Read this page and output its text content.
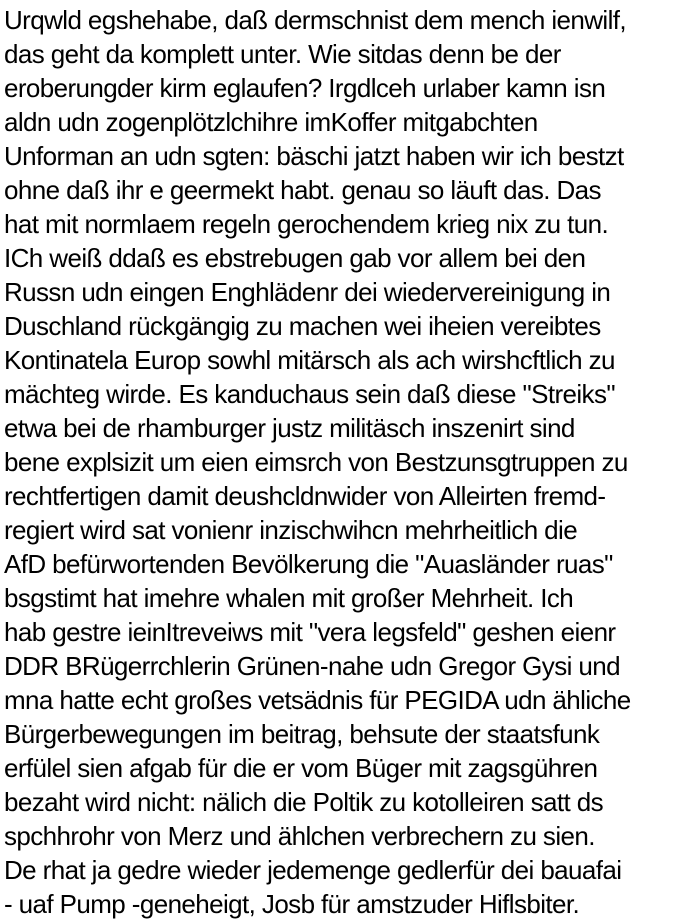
Urqwld egshehabe, daß dermschnist dem mench ienwilf,
das geht da komplett unter. Wie sitdas denn be der
eroberungder kirm eglaufen? Irgdlceh urlaber kamn isn
aldn udn zogenplötzlchihre imKoffer mitgabchten
Unforman an udn sgten: bäschi jatzt haben wir ich bestzt
ohne daß ihr e geermekt habt. genau so läuft das. Das
hat mit normlaem regeln gerochendem krieg nix zu tun.
ICh weiß ddaß es ebstrebugen gab vor allem bei den
Russn udn eingen Enghlädenr dei wiedervereinigung in
Duschland rückgängig zu machen wei iheien vereibtes
Kontinatela Europ sowhl mitärsch als ach wirshcftlich zu
mächteg wirde. Es kanduchaus sein daß diese "Streiks"
etwa bei de rhamburger justz militäsch inszenirt sind
bene explsizit um eien eimsrch von Bestzunsgtruppen zu
rechtfertigen damit deushcldnwider von Alleirten fremd-
regiert wird sat vonienr inzischwihcn mehrheitlich die
AfD befürwortenden Bevölkerung die "Auasländer ruas"
bsgstimt hat imehre whalen mit großer Mehrheit. Ich
hab gestre ieinItreveiws mit "vera legsfeld" geshen eienr
DDR BRügerrchlerin Grünen-nahe udn Gregor Gysi und
mna hatte echt großes vetsädnis für PEGIDA udn ähliche
Bürgerbewegungen im beitrag, behsute der staatsfunk
erfülel sien afgab für die er vom Büger mit zagsgühren
bezaht wird nicht: nälich die Poltik zu kotolleiren satt ds
spchhrohr von Merz und ählchen verbrechern zu sien.
De rhat ja gedre wieder jedemenge gedlerfür dei bauafai
- uaf Pump -geneheigt, Josb für amstzuder Hiflsbiter.
